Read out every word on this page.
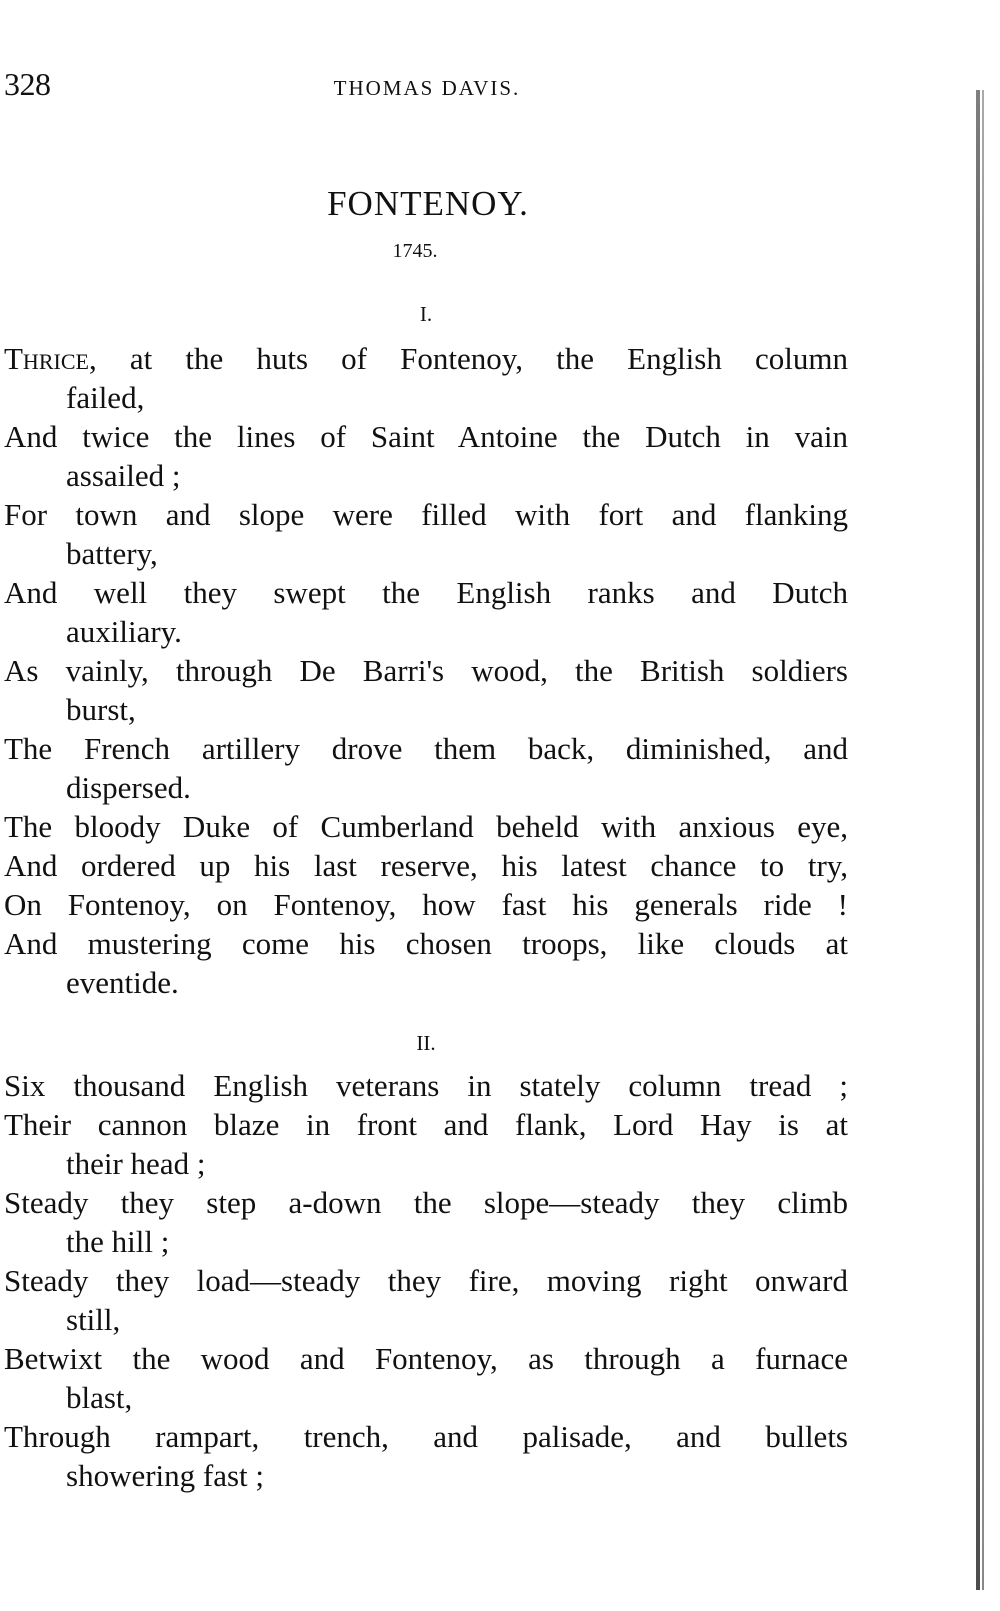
328	THOMAS DAVIS.
FONTENOY.
1745.
I.
Thrice, at the huts of Fontenoy, the English column
failed,
And twice the lines of Saint Antoine the Dutch in vain
assailed ;
For town and slope were filled with fort and flanking
battery,
And well they swept the English ranks and Dutch
auxiliary.
As vainly, through De Barri's wood, the British soldiers
burst,
The French artillery drove them back, diminished, and
dispersed.
The bloody Duke of Cumberland beheld with anxious eye,
And ordered up his last reserve, his latest chance to try,
On Fontenoy, on Fontenoy, how fast his generals ride !
And mustering come his chosen troops, like clouds at
eventide.
II.
Six thousand English veterans in stately column tread ;
Their cannon blaze in front and flank, Lord Hay is at
their head ;
Steady they step a-down the slope—steady they climb
the hill ;
Steady they load—steady they fire, moving right onward
still,
Betwixt the wood and Fontenoy, as through a furnace
blast,
Through rampart, trench, and palisade, and bullets
showering fast ;
